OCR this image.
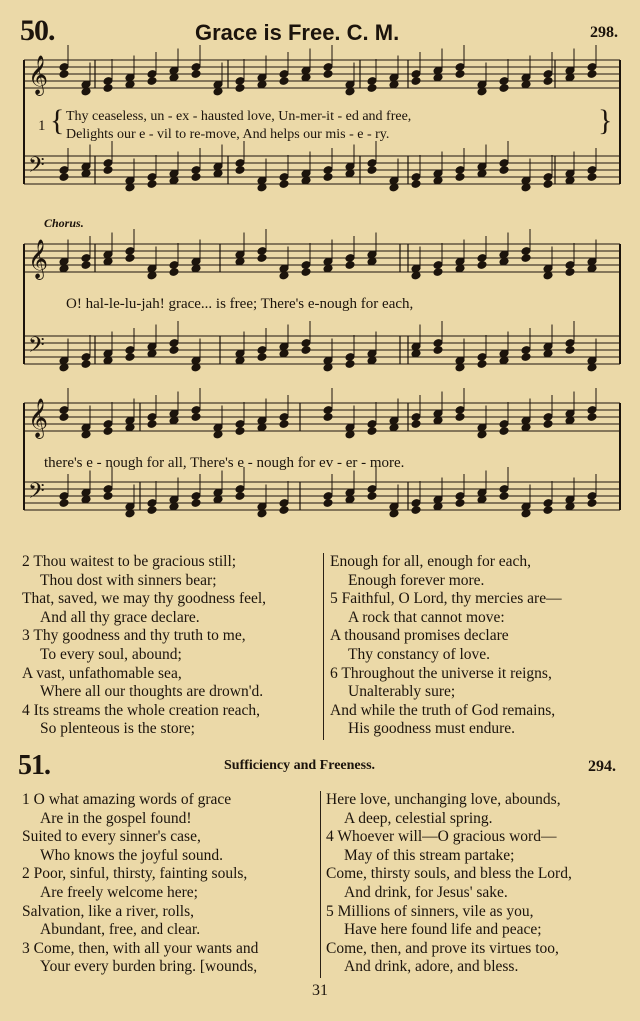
50.	Grace is Free. C. M.	298.
𝄞
𝄢
𝄞
𝄢
𝄞
𝄢
1 { Thy ceaseless, un - ex - hausted love, Un-mer-it - ed and free,
Delights our e - vil to re-move, And helps our mis - e - ry.	}
Chorus.
O! hal-le-lu-jah! grace... is free; There's e-nough for each,
there's e - nough for all, There's e - nough for ev - er - more.
2 Thou waitest to be gracious still;
Thou dost with sinners bear;
That, saved, we may thy goodness feel,
And all thy grace declare.
3 Thy goodness and thy truth to me,
To every soul, abound;
A vast, unfathomable sea,
Where all our thoughts are drown'd.
4 Its streams the whole creation reach,
So plenteous is the store;
Enough for all, enough for each,
Enough forever more.
5 Faithful, O Lord, thy mercies are—
A rock that cannot move:
A thousand promises declare
Thy constancy of love.
6 Throughout the universe it reigns,
Unalterably sure;
And while the truth of God remains,
His goodness must endure.
51.	Sufficiency and Freeness.	294.
1 O what amazing words of grace
Are in the gospel found!
Suited to every sinner's case,
Who knows the joyful sound.
2 Poor, sinful, thirsty, fainting souls,
Are freely welcome here;
Salvation, like a river, rolls,
Abundant, free, and clear.
3 Come, then, with all your wants and
Your every burden bring. [wounds,
Here love, unchanging love, abounds,
A deep, celestial spring.
4 Whoever will—O gracious word—
May of this stream partake;
Come, thirsty souls, and bless the Lord,
And drink, for Jesus' sake.
5 Millions of sinners, vile as you,
Have here found life and peace;
Come, then, and prove its virtues too,
And drink, adore, and bless.
31
